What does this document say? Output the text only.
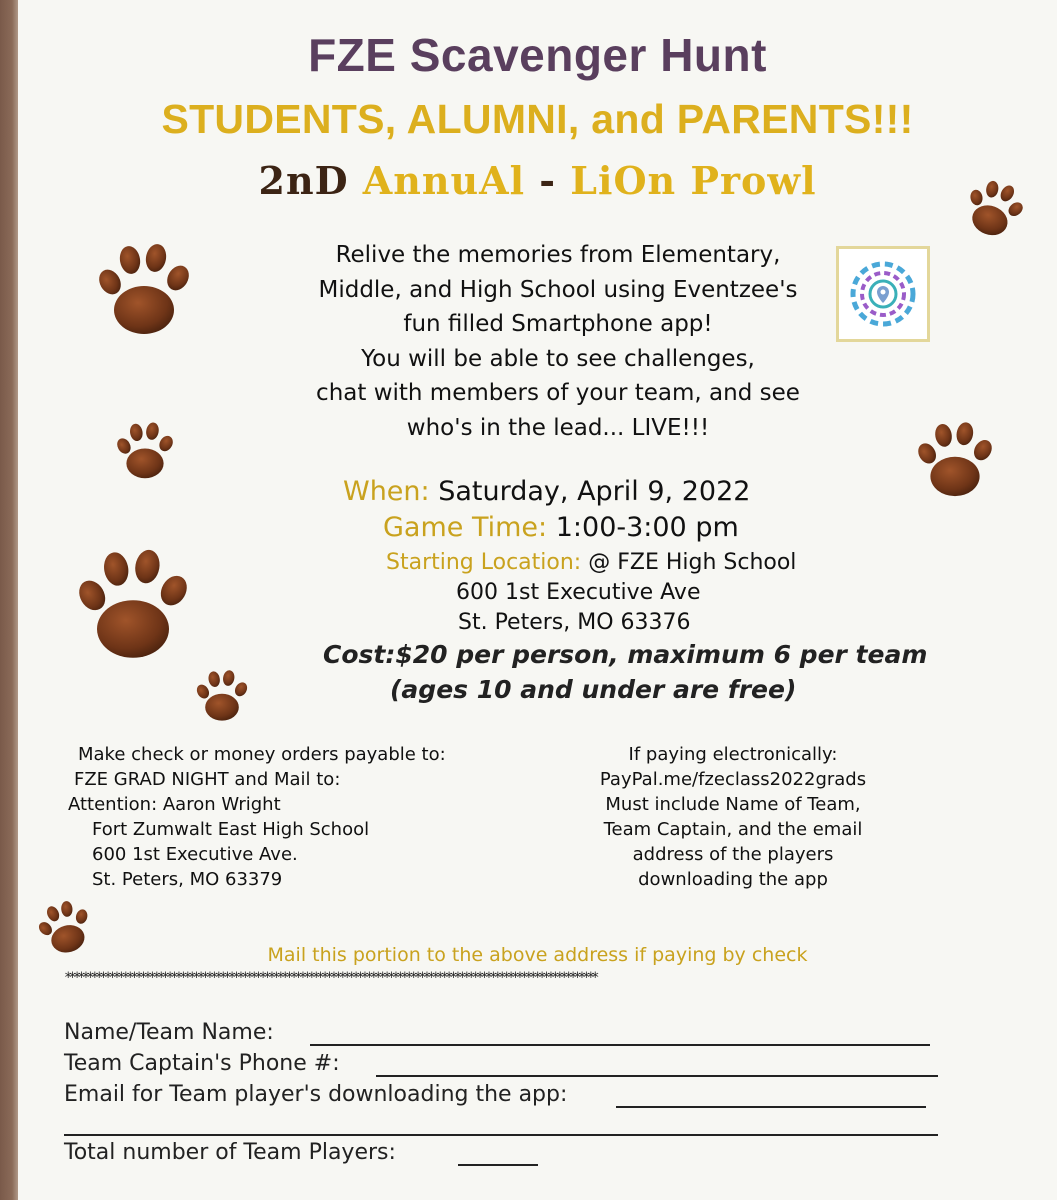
FZE Scavenger Hunt
STUDENTS, ALUMNI, and PARENTS!!!
2nD AnnuAl - LiOn Prowl
Relive the memories from Elementary,
Middle, and High School using Eventzee's
fun filled Smartphone app!
You will be able to see challenges,
chat with members of your team, and see
who's in the lead... LIVE!!!
When: Saturday, April 9, 2022
Game Time: 1:00-3:00 pm
Starting Location: @ FZE High School
600 1st Executive Ave
St. Peters, MO 63376
Cost:$20 per person, maximum 6 per team
(ages 10 and under are free)
Make check or money orders payable to:
FZE GRAD NIGHT and Mail to:
Attention: Aaron Wright
Fort Zumwalt East High School
600 1st Executive Ave.
St. Peters, MO 63379
If paying electronically:
PayPal.me/fzeclass2022grads
Must include Name of Team,
Team Captain, and the email
address of the players
downloading the app
Mail this portion to the above address if paying by check
************************************************************************************************************************
Name/Team Name:
Team Captain's Phone #:
Email for Team player's downloading the app:
Total number of Team Players:
